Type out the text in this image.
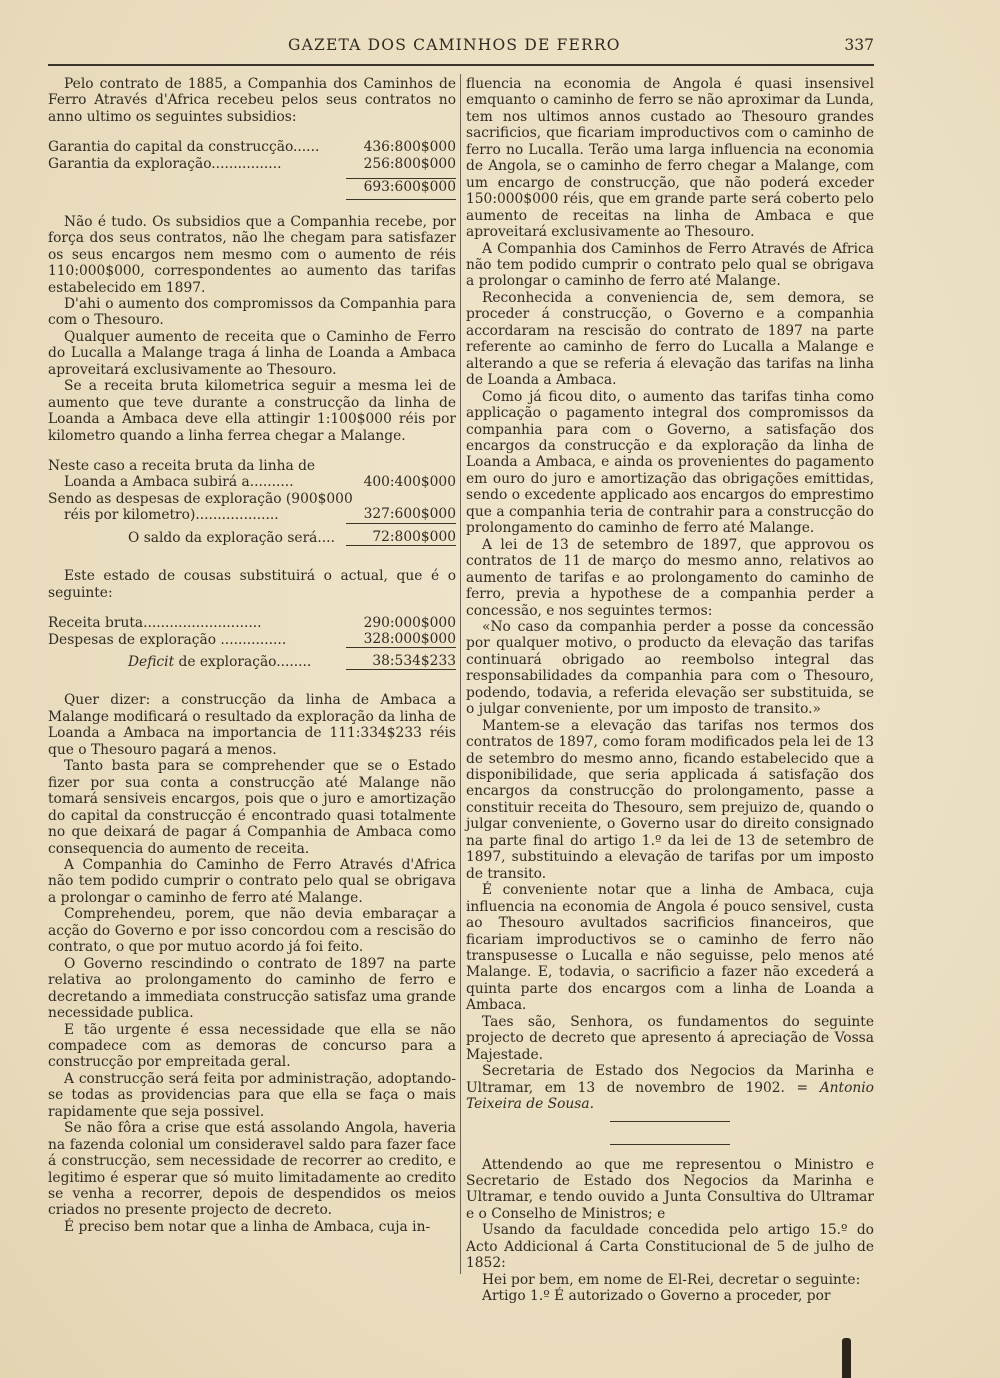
GAZETA DOS CAMINHOS DE FERRO	337

Pelo contrato de 1885, a Companhia dos Caminhos de Ferro Através d'Africa recebeu pelos seus contratos no anno ultimo os seguintes subsidios:

Garantia do capital da construcção......	436:800$000
Garantia da exploração................	256:800$000
693:600$000

Não é tudo. Os subsidios que a Companhia recebe, por força dos seus contratos, não lhe chegam para satisfazer os seus encargos nem mesmo com o aumento de réis 110:000$000, correspondentes ao aumento das tarifas estabelecido em 1897.

D'ahi o aumento dos compromissos da Companhia para com o Thesouro.

Qualquer aumento de receita que o Caminho de Ferro do Lucalla a Malange traga á linha de Loanda a Ambaca aproveitará exclusivamente ao Thesouro.

Se a receita bruta kilometrica seguir a mesma lei de aumento que teve durante a construcção da linha de Loanda a Ambaca deve ella attingir 1:100$000 réis por kilometro quando a linha ferrea chegar a Malange.

Neste caso a receita bruta da linha de
Loanda a Ambaca subirá a..........	400:400$000
Sendo as despesas de exploração (900$000
réis por kilometro)...................	327:600$000
O saldo da exploração será....	72:800$000

Este estado de cousas substituirá o actual, que é o seguinte:

Receita bruta...........................	290:000$000
Despesas de exploração ...............	328:000$000
Deficit de exploração........	38:534$233

Quer dizer: a construcção da linha de Ambaca a Malange modificará o resultado da exploração da linha de Loanda a Ambaca na importancia de 111:334$233 réis que o Thesouro pagará a menos.

Tanto basta para se comprehender que se o Estado fizer por sua conta a construcção até Malange não tomará sensiveis encargos, pois que o juro e amortização do capital da construcção é encontrado quasi totalmente no que deixará de pagar á Companhia de Ambaca como consequencia do aumento de receita.

A Companhia do Caminho de Ferro Através d'Africa não tem podido cumprir o contrato pelo qual se obrigava a prolongar o caminho de ferro até Malange.

Comprehendeu, porem, que não devia embaraçar a acção do Governo e por isso concordou com a rescisão do contrato, o que por mutuo acordo já foi feito.

O Governo rescindindo o contrato de 1897 na parte relativa ao prolongamento do caminho de ferro e decretando a immediata construcção satisfaz uma grande necessidade publica.

E tão urgente é essa necessidade que ella se não compadece com as demoras de concurso para a construcção por empreitada geral.

A construcção será feita por administração, adoptando-se todas as providencias para que ella se faça o mais rapidamente que seja possivel.

Se não fôra a crise que está assolando Angola, haveria na fazenda colonial um consideravel saldo para fazer face á construcção, sem necessidade de recorrer ao credito, e legitimo é esperar que só muito limitadamente ao credito se venha a recorrer, depois de despendidos os meios criados no presente projecto de decreto.

É preciso bem notar que a linha de Ambaca, cuja in-

fluencia na economia de Angola é quasi insensivel emquanto o caminho de ferro se não aproximar da Lunda, tem nos ultimos annos custado ao Thesouro grandes sacrificios, que ficariam improductivos com o caminho de ferro no Lucalla. Terão uma larga influencia na economia de Angola, se o caminho de ferro chegar a Malange, com um encargo de construcção, que não poderá exceder 150:000$000 réis, que em grande parte será coberto pelo aumento de receitas na linha de Ambaca e que aproveitará exclusivamente ao Thesouro.

A Companhia dos Caminhos de Ferro Através de Africa não tem podido cumprir o contrato pelo qual se obrigava a prolongar o caminho de ferro até Malange.

Reconhecida a conveniencia de, sem demora, se proceder á construcção, o Governo e a companhia accordaram na rescisão do contrato de 1897 na parte referente ao caminho de ferro do Lucalla a Malange e alterando a que se referia á elevação das tarifas na linha de Loanda a Ambaca.

Como já ficou dito, o aumento das tarifas tinha como applicação o pagamento integral dos compromissos da companhia para com o Governo, a satisfação dos encargos da construcção e da exploração da linha de Loanda a Ambaca, e ainda os provenientes do pagamento em ouro do juro e amortização das obrigações emittidas, sendo o excedente applicado aos encargos do emprestimo que a companhia teria de contrahir para a construcção do prolongamento do caminho de ferro até Malange.

A lei de 13 de setembro de 1897, que approvou os contratos de 11 de março do mesmo anno, relativos ao aumento de tarifas e ao prolongamento do caminho de ferro, previa a hypothese de a companhia perder a concessão, e nos seguintes termos:

«No caso da companhia perder a posse da concessão por qualquer motivo, o producto da elevação das tarifas continuará obrigado ao reembolso integral das responsabilidades da companhia para com o Thesouro, podendo, todavia, a referida elevação ser substituida, se o julgar conveniente, por um imposto de transito.»

Mantem-se a elevação das tarifas nos termos dos contratos de 1897, como foram modificados pela lei de 13 de setembro do mesmo anno, ficando estabelecido que a disponibilidade, que seria applicada á satisfação dos encargos da construcção do prolongamento, passe a constituir receita do Thesouro, sem prejuizo de, quando o julgar conveniente, o Governo usar do direito consignado na parte final do artigo 1.º da lei de 13 de setembro de 1897, substituindo a elevação de tarifas por um imposto de transito.

É conveniente notar que a linha de Ambaca, cuja influencia na economia de Angola é pouco sensivel, custa ao Thesouro avultados sacrificios financeiros, que ficariam improductivos se o caminho de ferro não transpusesse o Lucalla e não seguisse, pelo menos até Malange. E, todavia, o sacrificio a fazer não excederá a quinta parte dos encargos com a linha de Loanda a Ambaca.

Taes são, Senhora, os fundamentos do seguinte projecto de decreto que apresento á apreciação de Vossa Majestade.

Secretaria de Estado dos Negocios da Marinha e Ultramar, em 13 de novembro de 1902. = Antonio Teixeira de Sousa.

Attendendo ao que me representou o Ministro e Secretario de Estado dos Negocios da Marinha e Ultramar, e tendo ouvido a Junta Consultiva do Ultramar e o Conselho de Ministros; e

Usando da faculdade concedida pelo artigo 15.º do Acto Addicional á Carta Constitucional de 5 de julho de 1852:

Hei por bem, em nome de El-Rei, decretar o seguinte:

Artigo 1.º É autorizado o Governo a proceder, por
